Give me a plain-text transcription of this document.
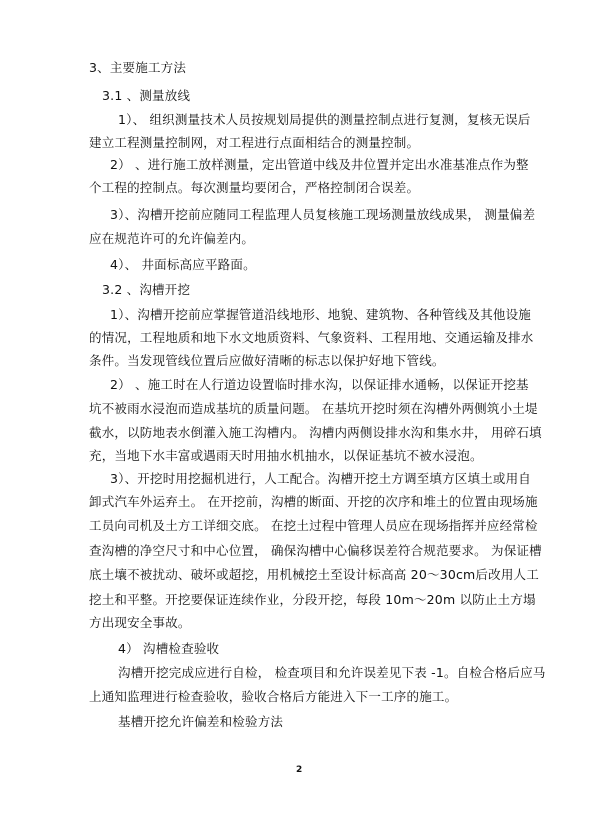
3、主要施工方法
3.1 、测量放线
1）、 组织测量技术人员按规划局提供的测量控制点进行复测，复核无误后
建立工程测量控制网，对工程进行点面相结合的测量控制。
2） 、进行施工放样测量，定出管道中线及井位置并定出水准基准点作为整
个工程的控制点。每次测量均要闭合，严格控制闭合误差。
3）、沟槽开挖前应随同工程监理人员复核施工现场测量放线成果， 测量偏差
应在规范许可的允许偏差内。
4）、 井面标高应平路面。
3.2 、沟槽开挖
1）、沟槽开挖前应掌握管道沿线地形、地貌、建筑物、各种管线及其他设施
的情况，工程地质和地下水文地质资料、气象资料、工程用地、交通运输及排水
条件。当发现管线位置后应做好清晰的标志以保护好地下管线。
2） 、施工时在人行道边设置临时排水沟，以保证排水通畅，以保证开挖基
坑不被雨水浸泡而造成基坑的质量问题。 在基坑开挖时须在沟槽外两侧筑小土堤
截水，以防地表水倒灌入施工沟槽内。 沟槽内两侧设排水沟和集水井， 用碎石填
充，当地下水丰富或遇雨天时用抽水机抽水，以保证基坑不被水浸泡。
3）、开挖时用挖掘机进行，人工配合。沟槽开挖土方调至填方区填土或用自
卸式汽车外运弃土。 在开挖前，沟槽的断面、开挖的次序和堆土的位置由现场施
工员向司机及土方工详细交底。 在挖土过程中管理人员应在现场指挥并应经常检
查沟槽的净空尺寸和中心位置， 确保沟槽中心偏移误差符合规范要求。 为保证槽
底土壤不被扰动、破坏或超挖，用机械挖土至设计标高高 20～30cm后改用人工
挖土和平整。开挖要保证连续作业，分段开挖，每段 10m～20m 以防止土方塌
方出现安全事故。
4） 沟槽检查验收
沟槽开挖完成应进行自检， 检查项目和允许误差见下表 -1。自检合格后应马
上通知监理进行检查验收，验收合格后方能进入下一工序的施工。
基槽开挖允许偏差和检验方法
2
